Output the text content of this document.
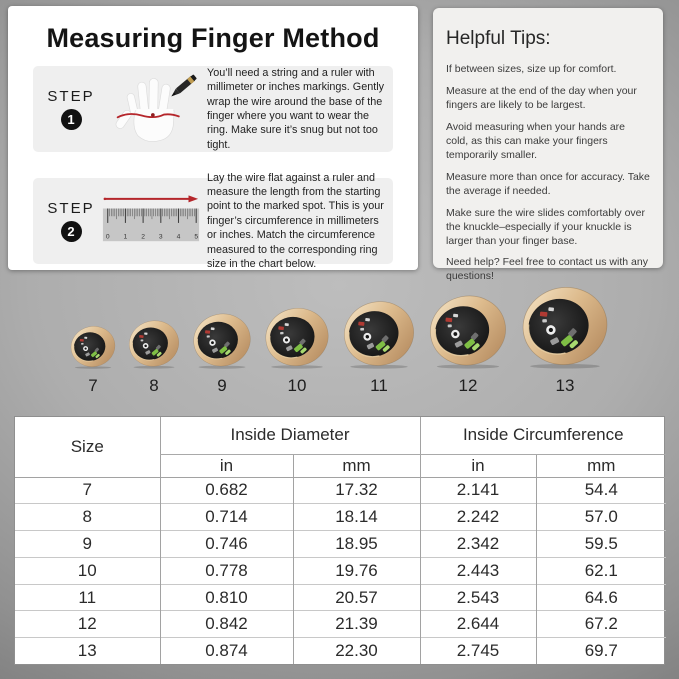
Measuring Finger Method
STEP
1
You’ll need a string and a ruler with millimeter or inches markings. Gently wrap the wire around the base of the finger where you want to wear the ring. Make sure it’s snug but not too tight.
STEP
2	0 1 2 3 4 5
Lay the wire flat against a ruler and measure the length from the starting point to the marked spot. This is your finger’s circumference in millimeters or inches. Match the circumference measured to the corresponding ring size in the chart below.
Helpful Tips:

If between sizes, size up for comfort.

Measure at the end of the day when your fingers are likely to be largest.

Avoid measuring when your hands are cold, as this can make your fingers temporarily smaller.

Measure more than once for accuracy. Take the average if needed.

Make sure the wire slides comfortably over the knuckle–especially if your knuckle is larger than your finger base.

Need help? Feel free to contact us with any questions!

7	8	9	10	11	12	13
Size	Inside Diameter		Inside Circumference	
	in	mm	in	mm
7	0.682	17.32	2.141	54.4
8	0.714	18.14	2.242	57.0
9	0.746	18.95	2.342	59.5
10	0.778	19.76	2.443	62.1
11	0.810	20.57	2.543	64.6
12	0.842	21.39	2.644	67.2
13	0.874	22.30	2.745	69.7
